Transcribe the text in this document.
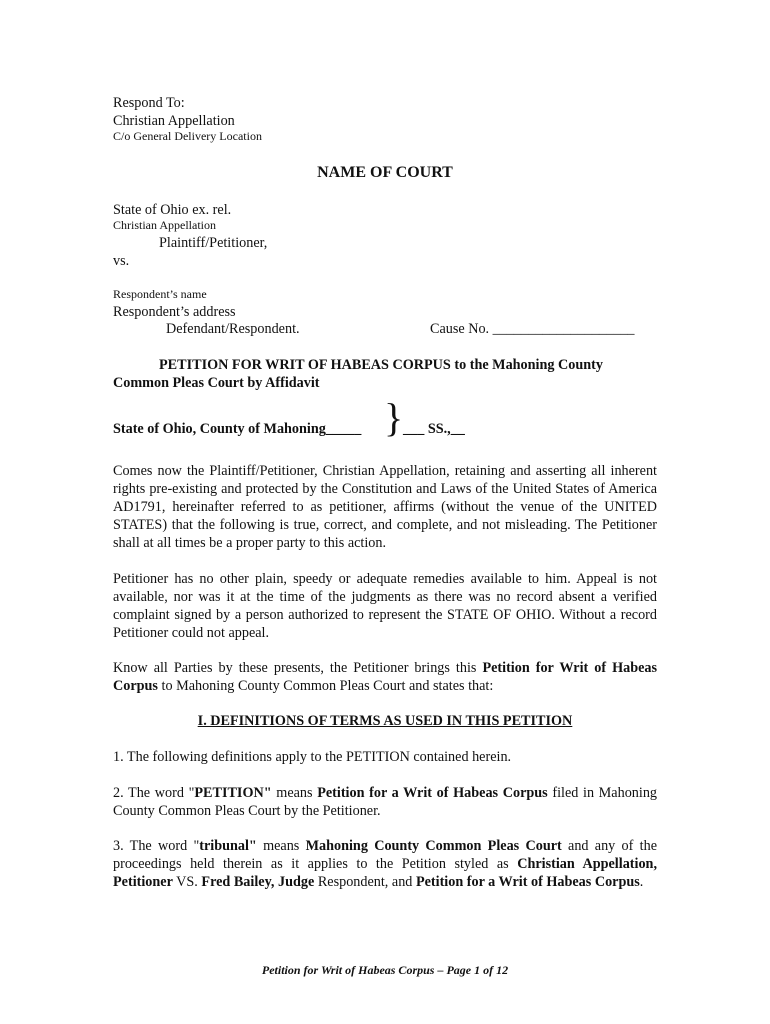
Respond To:
Christian Appellation
C/o General Delivery Location
NAME OF COURT
State of Ohio ex. rel.
Christian Appellation
Plaintiff/Petitioner,
vs.
Respondent’s name
Respondent’s address
Defendant/Respondent.	Cause No. ____________________
PETITION FOR WRIT OF HABEAS CORPUS to the Mahoning County
Common Pleas Court by Affidavit
State of Ohio, County of Mahoning_____ } ___ SS.,__
Comes now the Plaintiff/Petitioner, Christian Appellation, retaining and asserting all inherent rights pre-existing and protected by the Constitution and Laws of the United States of America AD1791, hereinafter referred to as petitioner, affirms (without the venue of the UNITED STATES) that the following is true, correct, and complete, and not misleading. The Petitioner shall at all times be a proper party to this action.
Petitioner has no other plain, speedy or adequate remedies available to him. Appeal is not available, nor was it at the time of the judgments as there was no record absent a verified complaint signed by a person authorized to represent the STATE OF OHIO. Without a record Petitioner could not appeal.
Know all Parties by these presents, the Petitioner brings this Petition for Writ of Habeas Corpus to Mahoning County Common Pleas Court and states that:
I. DEFINITIONS OF TERMS AS USED IN THIS PETITION
1. The following definitions apply to the PETITION contained herein.
2. The word "PETITION" means Petition for a Writ of Habeas Corpus filed in Mahoning County Common Pleas Court by the Petitioner.
3. The word "tribunal" means Mahoning County Common Pleas Court and any of the proceedings held therein as it applies to the Petition styled as Christian Appellation, Petitioner VS. Fred Bailey, Judge Respondent, and Petition for a Writ of Habeas Corpus.
Petition for Writ of Habeas Corpus – Page 1 of 12
